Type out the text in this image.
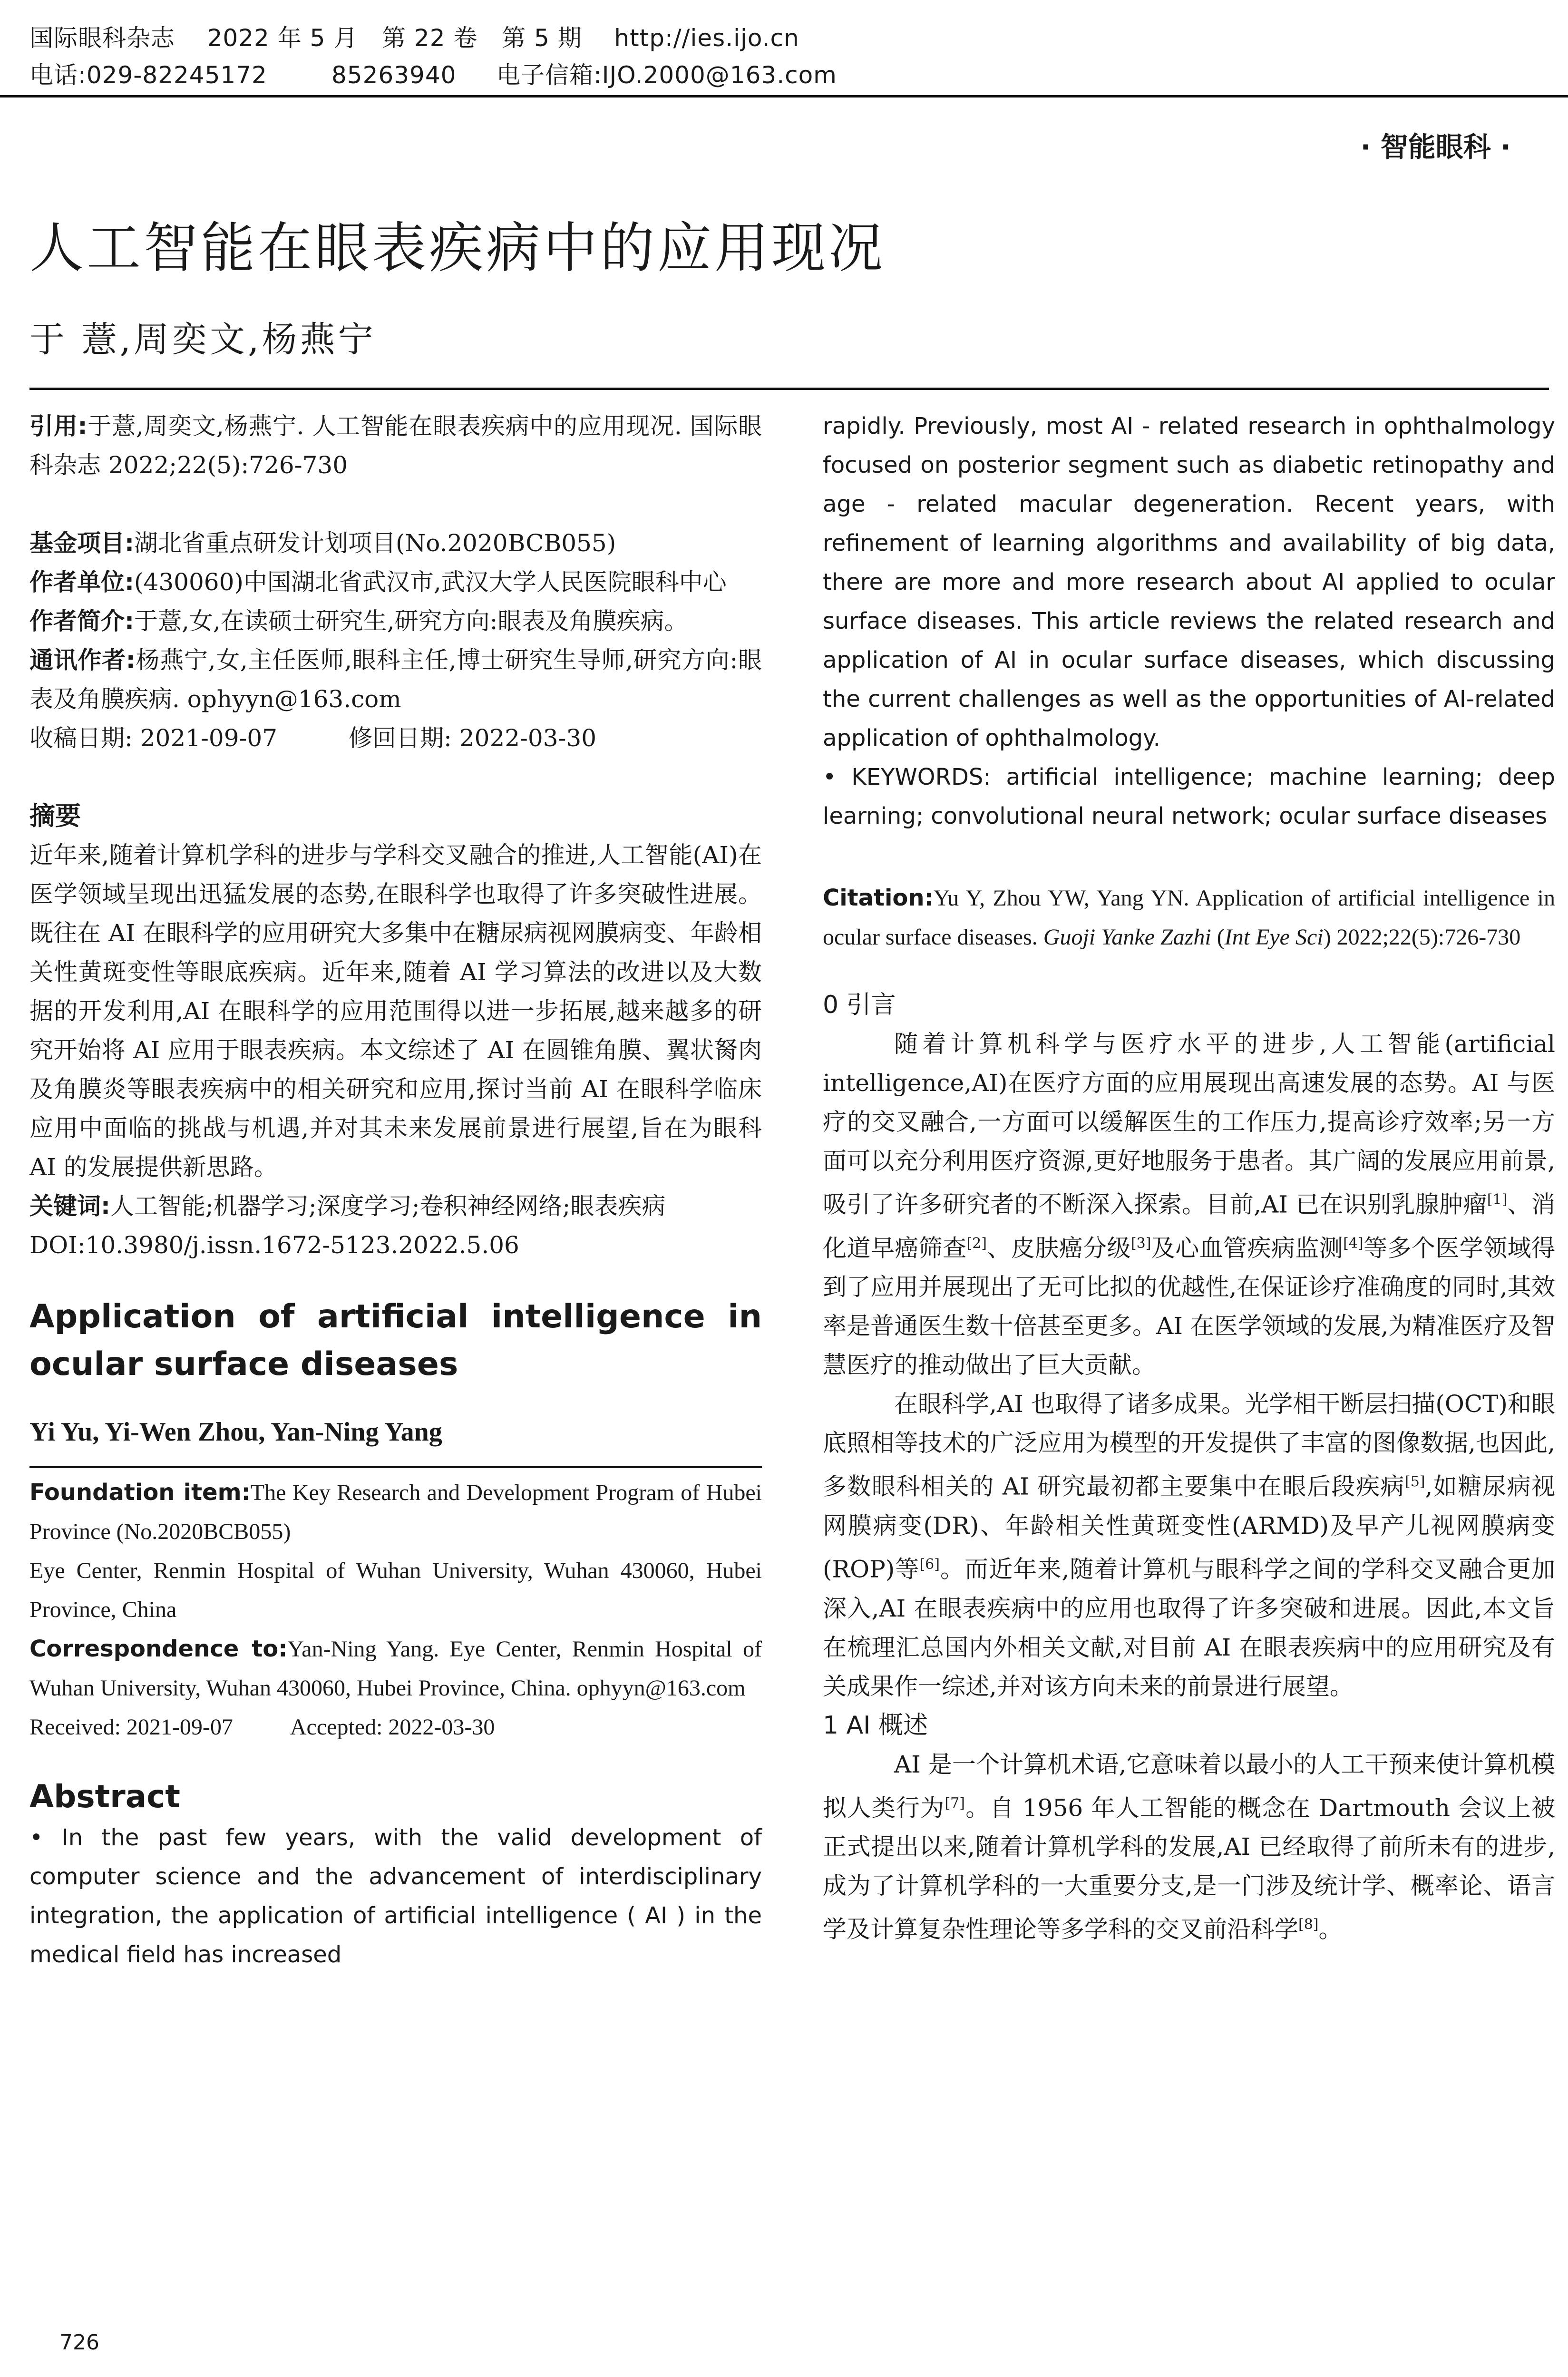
国际眼科杂志 2022 年 5 月 第 22 卷 第 5 期 http://ies.ijo.cn
电话:029-82245172	85263940 电子信箱:IJO.2000@163.com
· 智能眼科 ·
人工智能在眼表疾病中的应用现况
于 薏,周奕文,杨燕宁

引用:于薏,周奕文,杨燕宁. 人工智能在眼表疾病中的应用现况. 国际眼科杂志 2022;22(5):726-730

基金项目:湖北省重点研发计划项目(No.2020BCB055)

作者单位:(430060)中国湖北省武汉市,武汉大学人民医院眼科中心

作者简介:于薏,女,在读硕士研究生,研究方向:眼表及角膜疾病。

通讯作者:杨燕宁,女,主任医师,眼科主任,博士研究生导师,研究方向:眼表及角膜疾病. ophyyn@163.com

收稿日期: 2021-09-07	修回日期: 2022-03-30

摘要

近年来,随着计算机学科的进步与学科交叉融合的推进,人工智能(AI)在医学领域呈现出迅猛发展的态势,在眼科学也取得了许多突破性进展。既往在 AI 在眼科学的应用研究大多集中在糖尿病视网膜病变、年龄相关性黄斑变性等眼底疾病。近年来,随着 AI 学习算法的改进以及大数据的开发利用,AI 在眼科学的应用范围得以进一步拓展,越来越多的研究开始将 AI 应用于眼表疾病。本文综述了 AI 在圆锥角膜、翼状胬肉及角膜炎等眼表疾病中的相关研究和应用,探讨当前 AI 在眼科学临床应用中面临的挑战与机遇,并对其未来发展前景进行展望,旨在为眼科 AI 的发展提供新思路。

关键词:人工智能;机器学习;深度学习;卷积神经网络;眼表疾病

DOI:10.3980/j.issn.1672-5123.2022.5.06

Application of artificial intelligence in ocular surface diseases

Yi Yu, Yi-Wen Zhou, Yan-Ning Yang

Foundation item:The Key Research and Development Program of Hubei Province (No.2020BCB055)

Eye Center, Renmin Hospital of Wuhan University, Wuhan 430060, Hubei Province, China

Correspondence to:Yan-Ning Yang. Eye Center, Renmin Hospital of Wuhan University, Wuhan 430060, Hubei Province, China. ophyyn@163.com

Received: 2021-09-07	Accepted: 2022-03-30

Abstract

• In the past few years, with the valid development of computer science and the advancement of interdisciplinary integration, the application of artificial intelligence ( AI ) in the medical field has increased

rapidly. Previously, most AI - related research in ophthalmology focused on posterior segment such as diabetic retinopathy and age - related macular degeneration. Recent years, with refinement of learning algorithms and availability of big data, there are more and more research about AI applied to ocular surface diseases. This article reviews the related research and application of AI in ocular surface diseases, which discussing the current challenges as well as the opportunities of AI-related application of ophthalmology.

• KEYWORDS: artificial intelligence; machine learning; deep learning; convolutional neural network; ocular surface diseases

Citation:Yu Y, Zhou YW, Yang YN. Application of artificial intelligence in ocular surface diseases. Guoji Yanke Zazhi (Int Eye Sci) 2022;22(5):726-730

0 引言

随着计算机科学与医疗水平的进步,人工智能(artificial intelligence,AI)在医疗方面的应用展现出高速发展的态势。AI 与医疗的交叉融合,一方面可以缓解医生的工作压力,提高诊疗效率;另一方面可以充分利用医疗资源,更好地服务于患者。其广阔的发展应用前景,吸引了许多研究者的不断深入探索。目前,AI 已在识别乳腺肿瘤[1]、消化道早癌筛查[2]、皮肤癌分级[3]及心血管疾病监测[4]等多个医学领域得到了应用并展现出了无可比拟的优越性,在保证诊疗准确度的同时,其效率是普通医生数十倍甚至更多。AI 在医学领域的发展,为精准医疗及智慧医疗的推动做出了巨大贡献。

在眼科学,AI 也取得了诸多成果。光学相干断层扫描(OCT)和眼底照相等技术的广泛应用为模型的开发提供了丰富的图像数据,也因此,多数眼科相关的 AI 研究最初都主要集中在眼后段疾病[5],如糖尿病视网膜病变(DR)、年龄相关性黄斑变性(ARMD)及早产儿视网膜病变(ROP)等[6]。而近年来,随着计算机与眼科学之间的学科交叉融合更加深入,AI 在眼表疾病中的应用也取得了许多突破和进展。因此,本文旨在梳理汇总国内外相关文献,对目前 AI 在眼表疾病中的应用研究及有关成果作一综述,并对该方向未来的前景进行展望。

1 AI 概述

AI 是一个计算机术语,它意味着以最小的人工干预来使计算机模拟人类行为[7]。自 1956 年人工智能的概念在 Dartmouth 会议上被正式提出以来,随着计算机学科的发展,AI 已经取得了前所未有的进步,成为了计算机学科的一大重要分支,是一门涉及统计学、概率论、语言学及计算复杂性理论等多学科的交叉前沿科学[8]。

726
